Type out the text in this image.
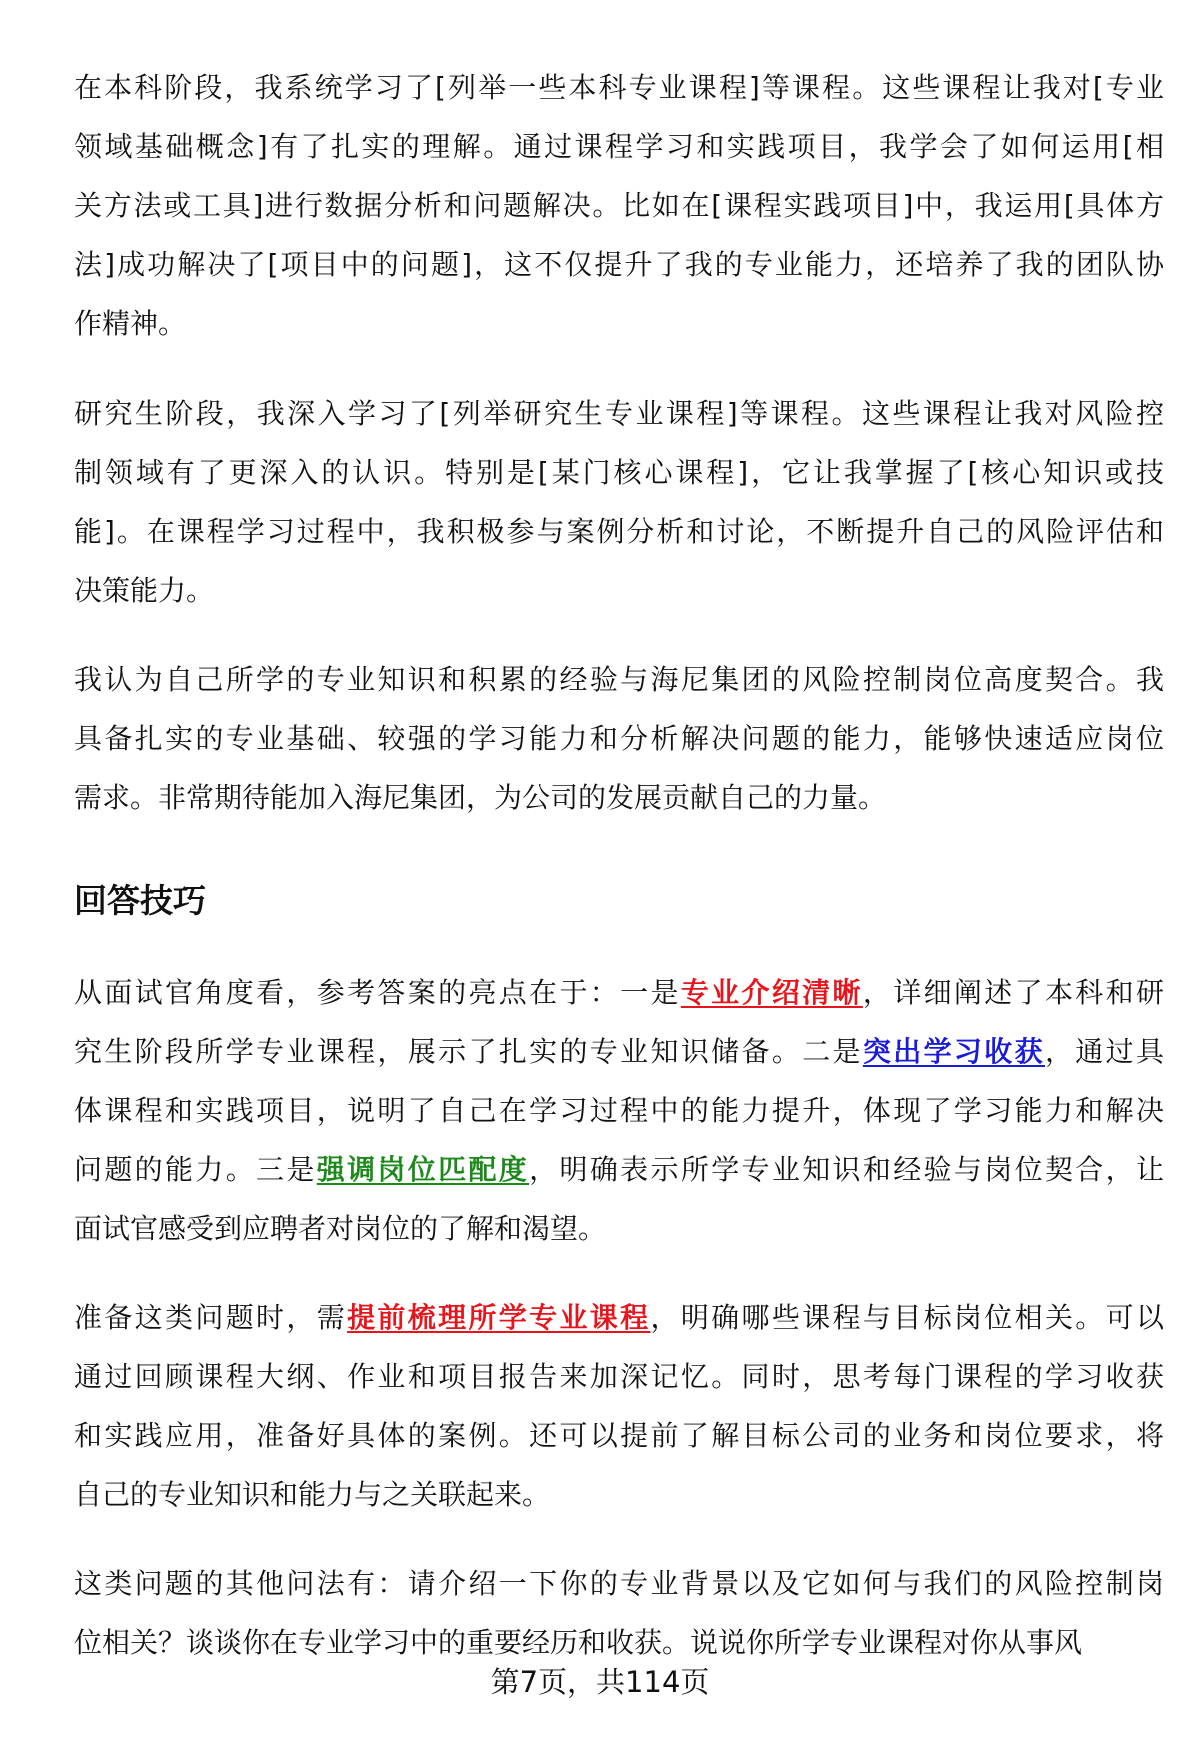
在本科阶段，我系统学习了[列举一些本科专业课程]等课程。这些课程让我对[专业
领域基础概念]有了扎实的理解。通过课程学习和实践项目，我学会了如何运用[相
关方法或工具]进行数据分析和问题解决。比如在[课程实践项目]中，我运用[具体方
法]成功解决了[项目中的问题]，这不仅提升了我的专业能力，还培养了我的团队协
作精神。
研究生阶段，我深入学习了[列举研究生专业课程]等课程。这些课程让我对风险控
制领域有了更深入的认识。特别是[某门核心课程]，它让我掌握了[核心知识或技
能]。在课程学习过程中，我积极参与案例分析和讨论，不断提升自己的风险评估和
决策能力。
我认为自己所学的专业知识和积累的经验与海尼集团的风险控制岗位高度契合。我
具备扎实的专业基础、较强的学习能力和分析解决问题的能力，能够快速适应岗位
需求。非常期待能加入海尼集团，为公司的发展贡献自己的力量。
回答技巧
从面试官角度看，参考答案的亮点在于：一是专业介绍清晰，详细阐述了本科和研
究生阶段所学专业课程，展示了扎实的专业知识储备。二是突出学习收获，通过具
体课程和实践项目，说明了自己在学习过程中的能力提升，体现了学习能力和解决
问题的能力。三是强调岗位匹配度，明确表示所学专业知识和经验与岗位契合，让
面试官感受到应聘者对岗位的了解和渴望。
准备这类问题时，需提前梳理所学专业课程，明确哪些课程与目标岗位相关。可以
通过回顾课程大纲、作业和项目报告来加深记忆。同时，思考每门课程的学习收获
和实践应用，准备好具体的案例。还可以提前了解目标公司的业务和岗位要求，将
自己的专业知识和能力与之关联起来。
这类问题的其他问法有：请介绍一下你的专业背景以及它如何与我们的风险控制岗
位相关？谈谈你在专业学习中的重要经历和收获。说说你所学专业课程对你从事风
第7页，共114页
